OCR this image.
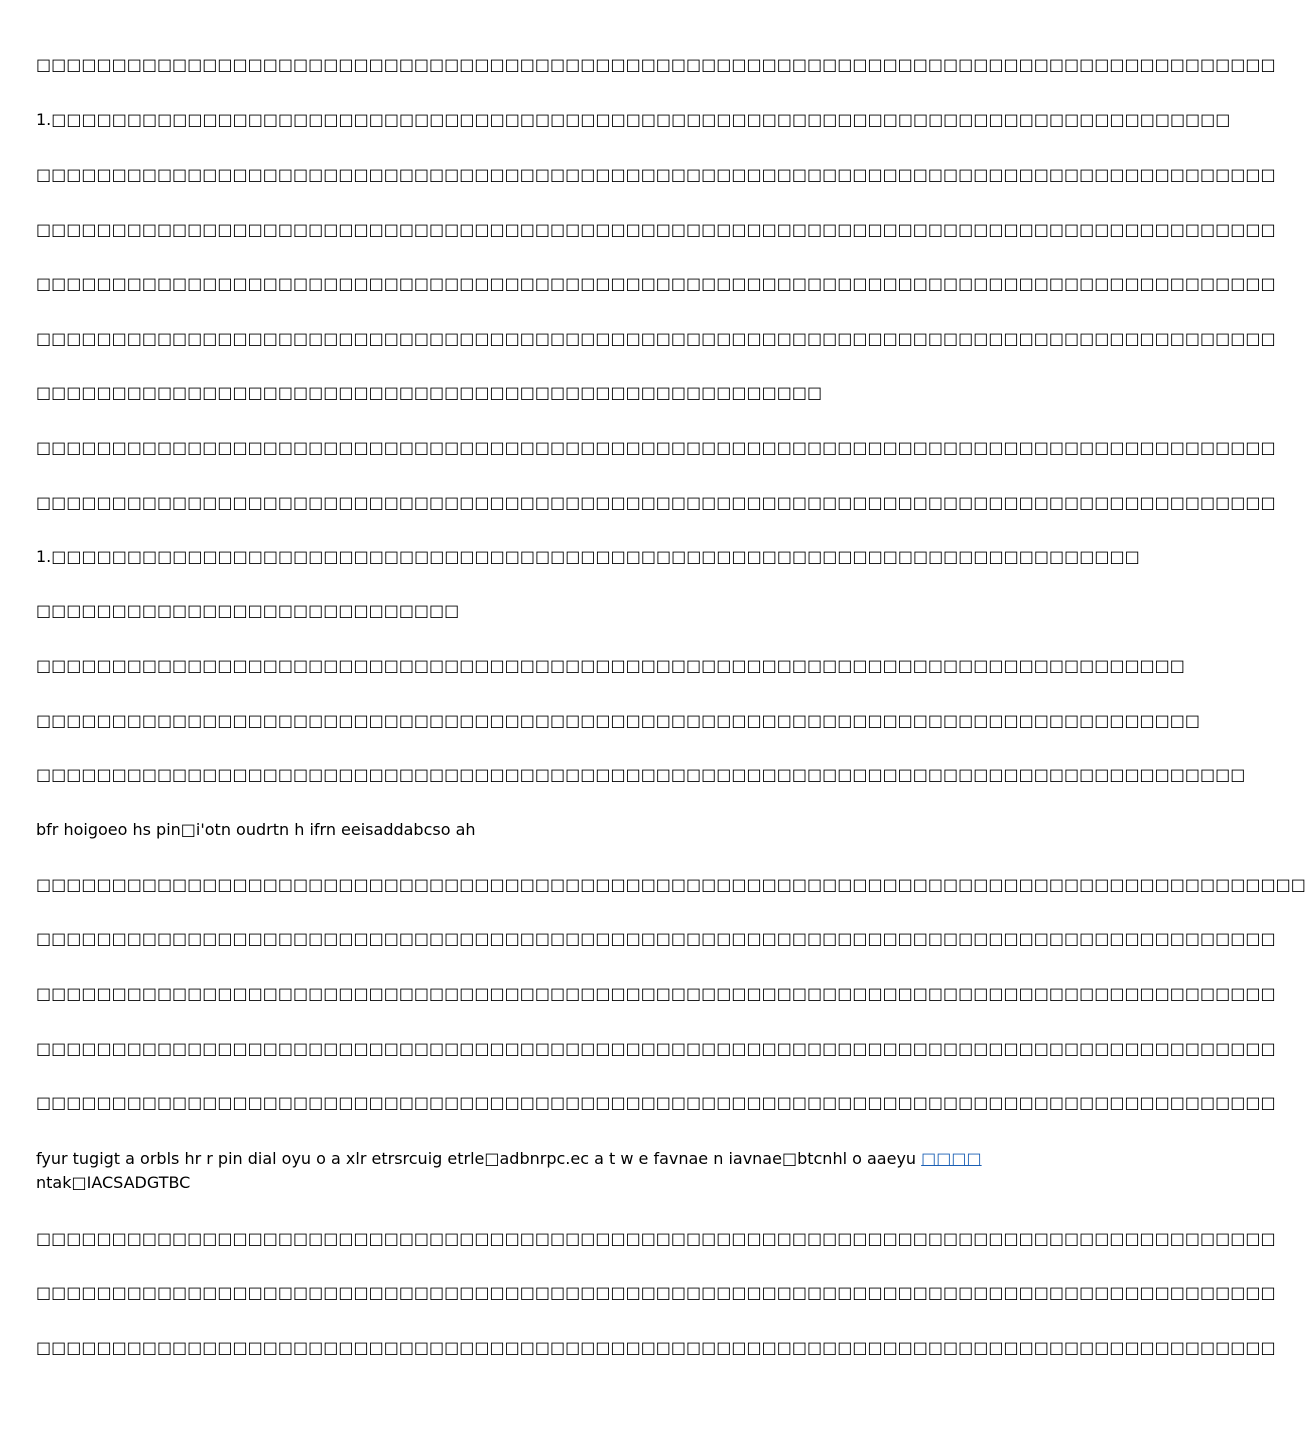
□□□□□□□□□□□□□□□□□□□□□□□□□□□□□□□□□□□□□□□□□□□□□□□□□□□□□□□□□□□□□□□□□□□□□□□□□□□□□□□□□□
1.□□□□□□□□□□□□□□□□□□□□□□□□□□□□□□□□□□□□□□□□□□□□□□□□□□□□□□□□□□□□□□□□□□□□□□□□□□□□□□
□□□□□□□□□□□□□□□□□□□□□□□□□□□□□□□□□□□□□□□□□□□□□□□□□□□□□□□□□□□□□□□□□□□□□□□□□□□□□□□□□□
□□□□□□□□□□□□□□□□□□□□□□□□□□□□□□□□□□□□□□□□□□□□□□□□□□□□□□□□□□□□□□□□□□□□□□□□□□□□□□□□□□
□□□□□□□□□□□□□□□□□□□□□□□□□□□□□□□□□□□□□□□□□□□□□□□□□□□□□□□□□□□□□□□□□□□□□□□□□□□□□□□□□□
□□□□□□□□□□□□□□□□□□□□□□□□□□□□□□□□□□□□□□□□□□□□□□□□□□□□□□□□□□□□□□□□□□□□□□□□□□□□□□□□□□
□□□□□□□□□□□□□□□□□□□□□□□□□□□□□□□□□□□□□□□□□□□□□□□□□□□□
□□□□□□□□□□□□□□□□□□□□□□□□□□□□□□□□□□□□□□□□□□□□□□□□□□□□□□□□□□□□□□□□□□□□□□□□□□□□□□□□□□
□□□□□□□□□□□□□□□□□□□□□□□□□□□□□□□□□□□□□□□□□□□□□□□□□□□□□□□□□□□□□□□□□□□□□□□□□□□□□□□□□□
1.□□□□□□□□□□□□□□□□□□□□□□□□□□□□□□□□□□□□□□□□□□□□□□□□□□□□□□□□□□□□□□□□□□□□□□□□
□□□□□□□□□□□□□□□□□□□□□□□□□□□□
□□□□□□□□□□□□□□□□□□□□□□□□□□□□□□□□□□□□□□□□□□□□□□□□□□□□□□□□□□□□□□□□□□□□□□□□□□□□
□□□□□□□□□□□□□□□□□□□□□□□□□□□□□□□□□□□□□□□□□□□□□□□□□□□□□□□□□□□□□□□□□□□□□□□□□□□□□
□□□□□□□□□□□□□□□□□□□□□□□□□□□□□□□□□□□□□□□□□□□□□□□□□□□□□□□□□□□□□□□□□□□□□□□□□□□□□□□□
bfr hoigoeo hs pin□i'otn oudrtn h ifrn eeisaddabcso ah
□□□□□□□□□□□□□□□□□□□□□□□□□□□□□□□□□□□□□□□□□□□□□□□□□□□□□□□□□□□□□□□□□□□□□□□□□□□□□□□□□□□□
□□□□□□□□□□□□□□□□□□□□□□□□□□□□□□□□□□□□□□□□□□□□□□□□□□□□□□□□□□□□□□□□□□□□□□□□□□□□□□□□□□
□□□□□□□□□□□□□□□□□□□□□□□□□□□□□□□□□□□□□□□□□□□□□□□□□□□□□□□□□□□□□□□□□□□□□□□□□□□□□□□□□□
□□□□□□□□□□□□□□□□□□□□□□□□□□□□□□□□□□□□□□□□□□□□□□□□□□□□□□□□□□□□□□□□□□□□□□□□□□□□□□□□□□
□□□□□□□□□□□□□□□□□□□□□□□□□□□□□□□□□□□□□□□□□□□□□□□□□□□□□□□□□□□□□□□□□□□□□□□□□□□□□□□□□□
fyur tugigt a orbls hr r pin dial oyu o a xlr etrsrcuig etrle□adbnrpc.ec a t w e favnae n iavnae□btcnhl o aaeyu □□□□ ntak□IACSADGTBC
□□□□□□□□□□□□□□□□□□□□□□□□□□□□□□□□□□□□□□□□□□□□□□□□□□□□□□□□□□□□□□□□□□□□□□□□□□□□□□□□□□
□□□□□□□□□□□□□□□□□□□□□□□□□□□□□□□□□□□□□□□□□□□□□□□□□□□□□□□□□□□□□□□□□□□□□□□□□□□□□□□□□□
□□□□□□□□□□□□□□□□□□□□□□□□□□□□□□□□□□□□□□□□□□□□□□□□□□□□□□□□□□□□□□□□□□□□□□□□□□□□□□□□□□
